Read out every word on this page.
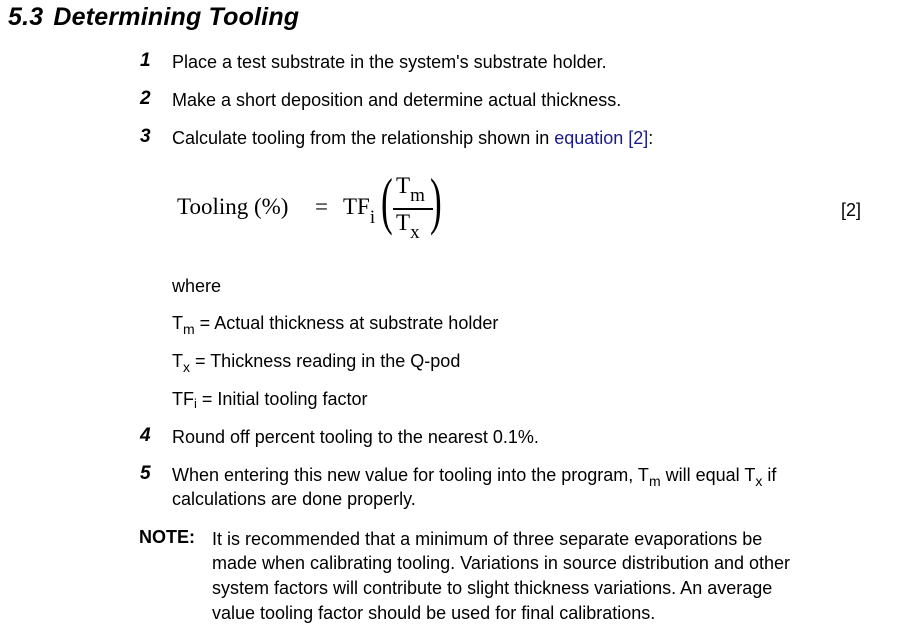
5.3 Determining Tooling
1 Place a test substrate in the system's substrate holder.
2 Make a short deposition and determine actual thickness.
3 Calculate tooling from the relationship shown in equation [2]:
Tooling (%) = $TF_i$ ( $T_m$
$T_x$ )	[2]
where
$T_m$ = Actual thickness at substrate holder
$T_x$ = Thickness reading in the Q-pod
TFi = Initial tooling factor
4 Round off percent tooling to the nearest 0.1%.
5 When entering this new value for tooling into the program, $T_m$ will equal $T_x$ if
calculations are done properly.
NOTE: It is recommended that a minimum of three separate evaporations be
made when calibrating tooling. Variations in source distribution and other
system factors will contribute to slight thickness variations. An average
value tooling factor should be used for final calibrations.
